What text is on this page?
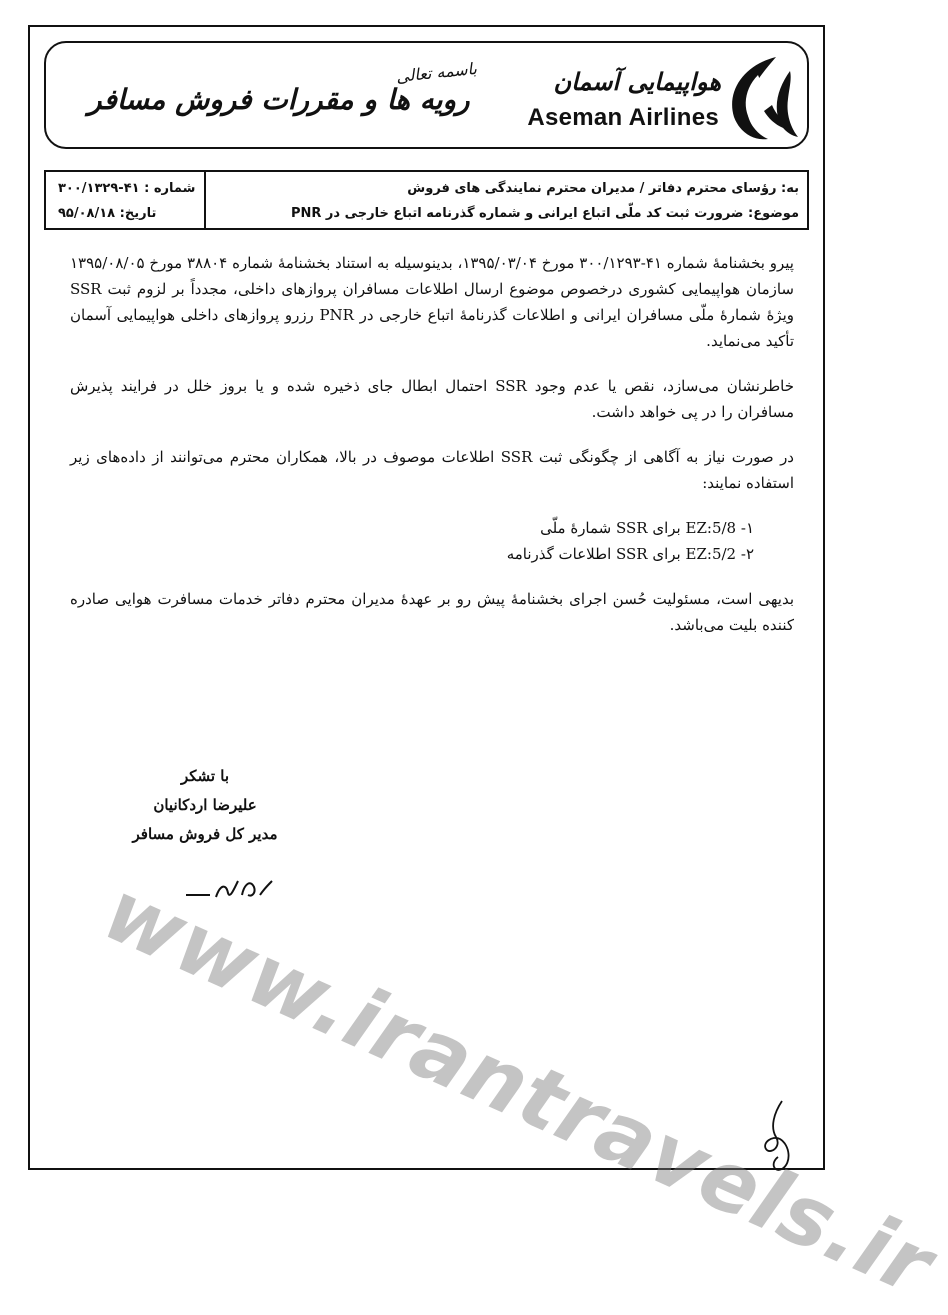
هواپیمایی آسمان
Aseman Airlines
باسمه تعالی
رویه ها و مقررات فروش مسافر
به: رؤسای محترم دفاتر / مدیران محترم نمایندگی های فروش
موضوع: ضرورت ثبت کد ملّی اتباع ایرانی و شماره گذرنامه اتباع خارجی در PNR
شماره : ۴۱-۳۰۰/۱۳۲۹
تاریخ: ۹۵/۰۸/۱۸

پیرو بخشنامهٔ شماره ۴۱-۳۰۰/۱۲۹۳ مورخ ۱۳۹۵/۰۳/۰۴، بدینوسیله به استناد بخشنامهٔ شماره ۳۸۸۰۴ مورخ ۱۳۹۵/۰۸/۰۵ سازمان هواپیمایی کشوری درخصوص موضوع ارسال اطلاعات مسافران پروازهای داخلی، مجدداً بر لزوم ثبت SSR ویژهٔ شمارهٔ ملّی مسافران ایرانی و اطلاعات گذرنامهٔ اتباع خارجی در PNR رزرو پروازهای داخلی هواپیمایی آسمان تأکید می‌نماید.

خاطرنشان می‌سازد، نقص یا عدم وجود SSR احتمال ابطال جای ذخیره شده و یا بروز خلل در فرایند پذیرش مسافران را در پی خواهد داشت.

در صورت نیاز به آگاهی از چگونگی ثبت SSR اطلاعات موصوف در بالا، همکاران محترم می‌توانند از داده‌های زیر استفاده نمایند:

۱- EZ:5/8 برای SSR شمارهٔ ملّی

۲- EZ:5/2 برای SSR اطلاعات گذرنامه

بدیهی است، مسئولیت حُسن اجرای بخشنامهٔ پیش رو بر عهدهٔ مدیران محترم دفاتر خدمات مسافرت هوایی صادره کننده بلیت می‌باشد.

با تشکر
علیرضا اردکانیان
مدیر کل فروش مسافر
www.irantravels.ir
